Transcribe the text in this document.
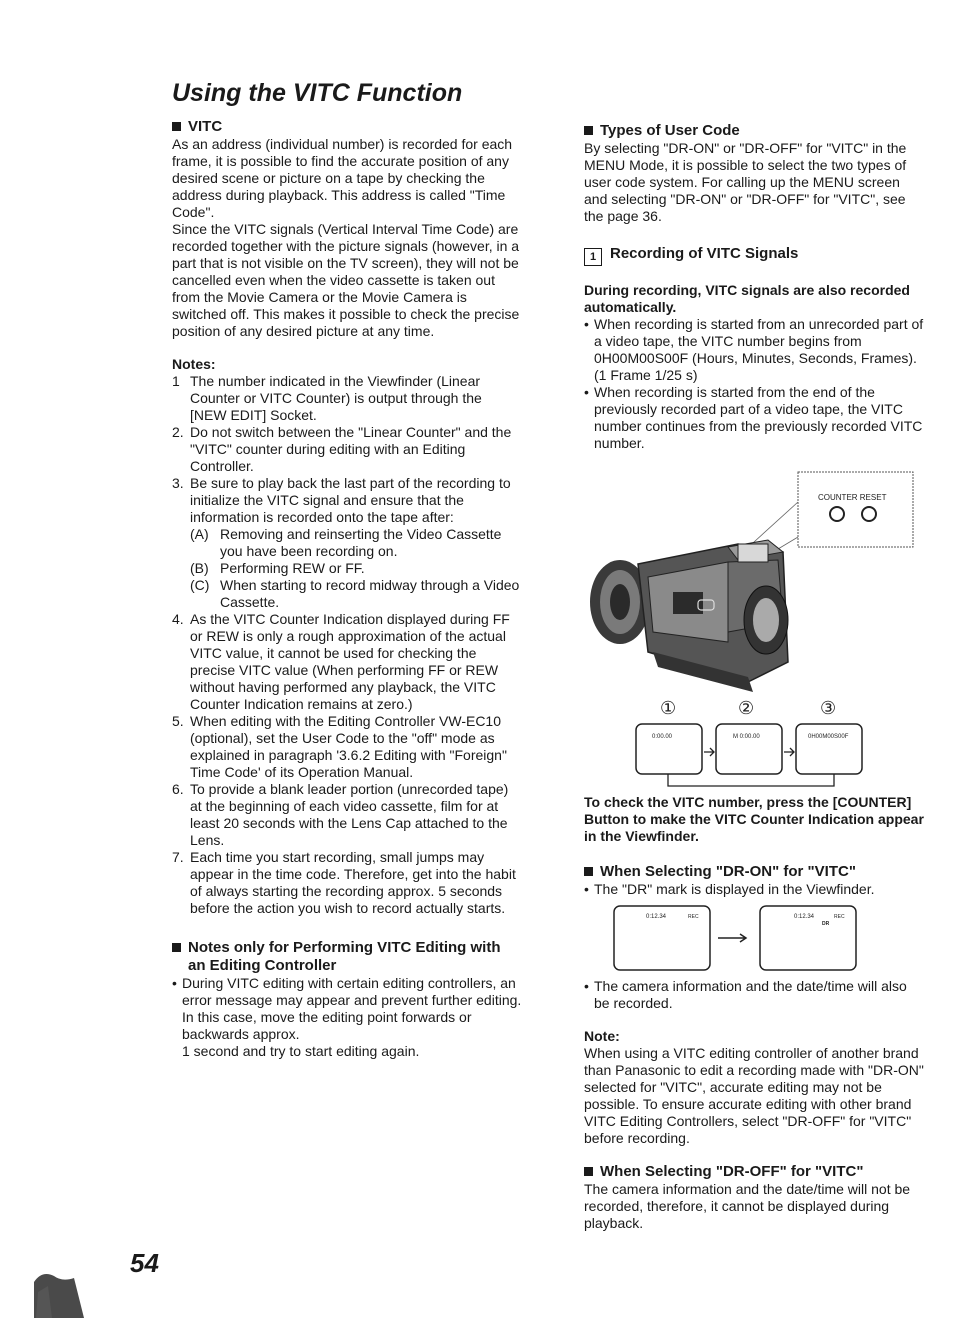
Using the VITC Function
VITC

As an address (individual number) is recorded for each frame, it is possible to find the accurate position of any desired scene or picture on a tape by checking the address during playback. This address is called "Time Code".

Since the VITC signals (Vertical Interval Time Code) are recorded together with the picture signals (however, in a part that is not visible on the TV screen), they will not be cancelled even when the video cassette is taken out from the Movie Camera or the Movie Camera is switched off. This makes it possible to check the precise position of any desired picture at any time.

Notes:

1 The number indicated in the Viewfinder (Linear Counter or VITC Counter) is output through the [NEW EDIT] Socket.
2. Do not switch between the "Linear Counter" and the "VITC" counter during editing with an Editing Controller.
3. Be sure to play back the last part of the recording to initialize the VITC signal and ensure that the information is recorded onto the tape after:
(A) Removing and reinserting the Video Cassette you have been recording on.
(B) Performing REW or FF.
(C) When starting to record midway through a Video Cassette.
4. As the VITC Counter Indication displayed during FF or REW is only a rough approximation of the actual VITC value, it cannot be used for checking the precise VITC value (When performing FF or REW without having performed any playback, the VITC Counter Indication remains at zero.)
5. When editing with the Editing Controller VW-EC10 (optional), set the User Code to the "off" mode as explained in paragraph '3.6.2 Editing with "Foreign" Time Code' of its Operation Manual.
6. To provide a blank leader portion (unrecorded tape) at the beginning of each video cassette, film for at least 20 seconds with the Lens Cap attached to the Lens.
7. Each time you start recording, small jumps may appear in the time code. Therefore, get into the habit of always starting the recording approx. 5 seconds before the action you wish to record actually starts.
Notes only for Performing VITC Editing with an Editing Controller

• During VITC editing with certain editing controllers, an error message may appear and prevent further editing. In this case, move the editing point forwards or backwards approx.

1 second and try to start editing again.

Types of User Code

By selecting "DR-ON" or "DR-OFF" for "VITC" in the MENU Mode, it is possible to select the two types of user code system. For calling up the MENU screen and selecting "DR-ON" or "DR-OFF" for "VITC", see the page 36.

1 Recording of VITC Signals

During recording, VITC signals are also recorded automatically.

• When recording is started from an unrecorded part of a video tape, the VITC number begins from 0H00M00S00F (Hours, Minutes, Seconds, Frames).

(1 Frame 1/25 s)

• When recording is started from the end of the previously recorded part of a video tape, the VITC number continues from the previously recorded VITC number.

COUNTER RESET
①	②	③
0:00.00	M 0:00.00	0H00M00S00F

To check the VITC number, press the [COUNTER] Button to make the VITC Counter Indication appear in the Viewfinder.

When Selecting "DR-ON" for "VITC"

• The "DR" mark is displayed in the Viewfinder.

0:12.34	REC	0:12.34	REC
DR

• The camera information and the date/time will also be recorded.

Note:

When using a VITC editing controller of another brand than Panasonic to edit a recording made with "DR-ON" selected for "VITC", accurate editing may not be possible. To ensure accurate editing with other brand VITC Editing Controllers, select "DR-OFF" for "VITC" before recording.

When Selecting "DR-OFF" for "VITC"

The camera information and the date/time will not be recorded, therefore, it cannot be displayed during playback.

54
